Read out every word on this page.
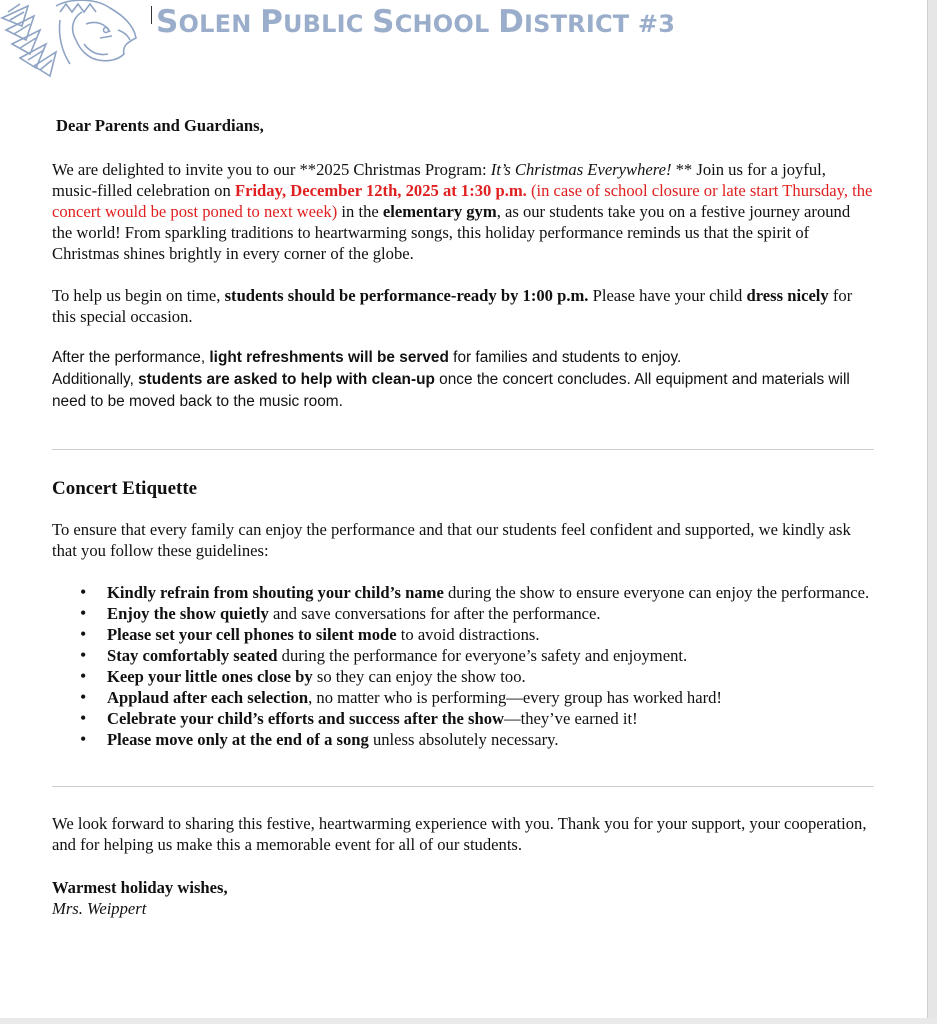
SOLEN PUBLIC SCHOOL DISTRICT #3

Dear Parents and Guardians,

We are delighted to invite you to our **2025 Christmas Program: It’s Christmas Everywhere! ** Join us for a joyful, music-filled celebration on Friday, December 12th, 2025 at 1:30 p.m. (in case of school closure or late start Thursday, the concert would be post poned to next week) in the elementary gym, as our students take you on a festive journey around the world! From sparkling traditions to heartwarming songs, this holiday performance reminds us that the spirit of Christmas shines brightly in every corner of the globe.

To help us begin on time, students should be performance-ready by 1:00 p.m. Please have your child dress nicely for this special occasion.

After the performance, light refreshments will be served for families and students to enjoy.
Additionally, students are asked to help with clean-up once the concert concludes. All equipment and materials will need to be moved back to the music room.

Concert Etiquette

To ensure that every family can enjoy the performance and that our students feel confident and supported, we kindly ask that you follow these guidelines:

• Kindly refrain from shouting your child’s name during the show to ensure everyone can enjoy the performance.
• Enjoy the show quietly and save conversations for after the performance.
• Please set your cell phones to silent mode to avoid distractions.
• Stay comfortably seated during the performance for everyone’s safety and enjoyment.
• Keep your little ones close by so they can enjoy the show too.
• Applaud after each selection, no matter who is performing—every group has worked hard!
• Celebrate your child’s efforts and success after the show—they’ve earned it!
• Please move only at the end of a song unless absolutely necessary.

We look forward to sharing this festive, heartwarming experience with you. Thank you for your support, your cooperation, and for helping us make this a memorable event for all of our students.

Warmest holiday wishes,

Mrs. Weippert
